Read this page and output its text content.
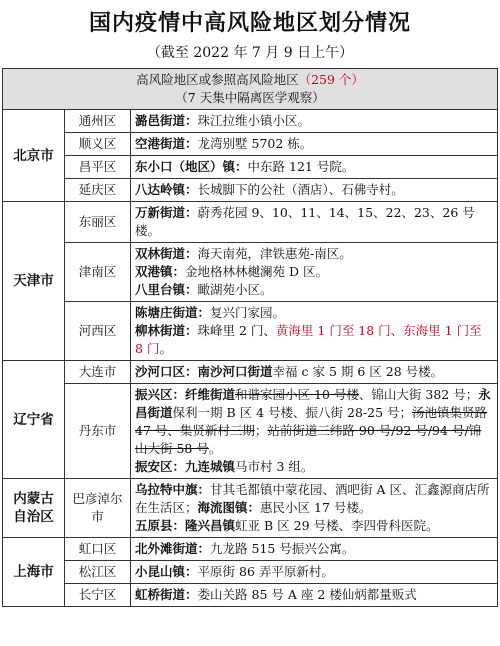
国内疫情中高风险地区划分情况
（截至 2022 年 7 月 9 日上午）
高风险地区或参照高风险地区（259 个）
（7 天集中隔离医学观察）		
北京市	通州区	潞邑街道：珠江拉维小镇小区。
	顺义区	空港街道：龙湾别墅 5702 栋。
	昌平区	东小口（地区）镇：中东路 121 号院。
	延庆区	八达岭镇：长城脚下的公社（酒店）、石佛寺村。
天津市	东丽区	万新街道：蔚秀花园 9、10、11、14、15、22、23、26 号楼。
	津南区	双林街道：海天南苑，津铁惠苑-南区。
双港镇：金地格林林樾澜苑 D 区。
八里台镇：瞰湖苑小区。
	河西区	陈塘庄街道：复兴门家园。
柳林街道：珠峰里 2 门、黄海里 1 门至 18 门、东海里 1 门至 8 门。
辽宁省	大连市	沙河口区：南沙河口街道幸福 c 家 5 期 6 区 28 号楼。
	丹东市	振兴区：纤维街道和谐家园小区 10 号楼、锦山大街 382 号；永昌街道保利一期 B 区 4 号楼、振八街 28-25 号；汤池镇集贤路 47 号、集贤新村三期；站前街道三纬路 90 号/92 号/94 号/锦山大街 58 号。
振安区：九连城镇马市村 3 组。
内蒙古自治区	巴彦淖尔市	乌拉特中旗：甘其毛都镇中蒙花园、酒吧街 A 区、汇鑫源商店所在生活区；海流图镇：惠民小区 17 号楼。
五原县：隆兴昌镇虹亚 B 区 29 号楼、李四骨科医院。
上海市	虹口区	北外滩街道：九龙路 515 号振兴公寓。
	松江区	小昆山镇：平原街 86 弄平原新村。
	长宁区	虹桥街道：娄山关路 85 号 A 座 2 楼仙炳都量贩式
